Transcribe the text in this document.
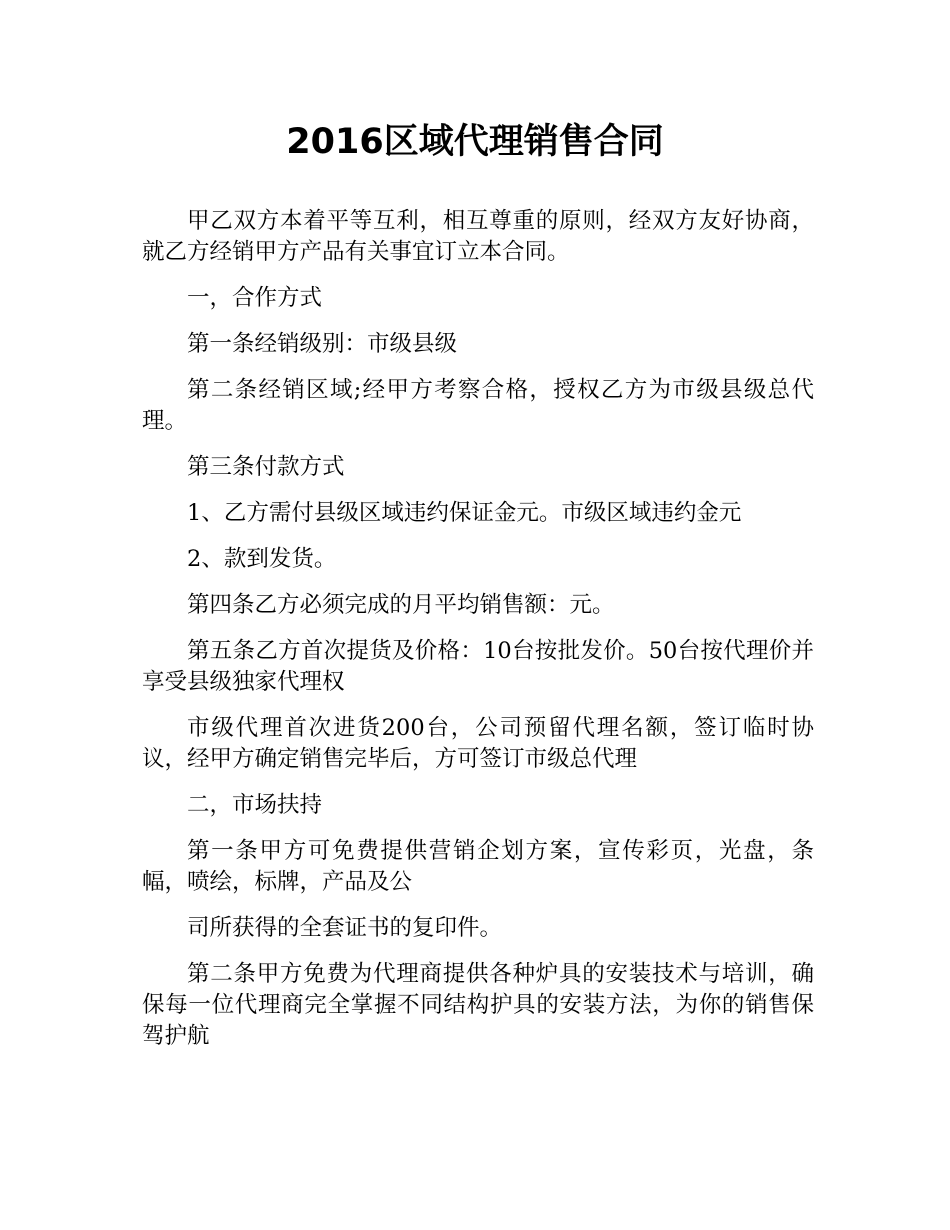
2016区域代理销售合同

甲乙双方本着平等互利，相互尊重的原则，经双方友好协商，就乙方经销甲方产品有关事宜订立本合同。

一，合作方式

第一条经销级别：市级县级

第二条经销区域;经甲方考察合格，授权乙方为市级县级总代理。

第三条付款方式

1、乙方需付县级区域违约保证金元。市级区域违约金元

2、款到发货。

第四条乙方必须完成的月平均销售额：元。

第五条乙方首次提货及价格：10台按批发价。50台按代理价并享受县级独家代理权

市级代理首次进货200台，公司预留代理名额，签订临时协议，经甲方确定销售完毕后，方可签订市级总代理

二，市场扶持

第一条甲方可免费提供营销企划方案，宣传彩页，光盘，条幅，喷绘，标牌，产品及公

司所获得的全套证书的复印件。

第二条甲方免费为代理商提供各种炉具的安装技术与培训，确保每一位代理商完全掌握不同结构护具的安装方法，为你的销售保驾护航
